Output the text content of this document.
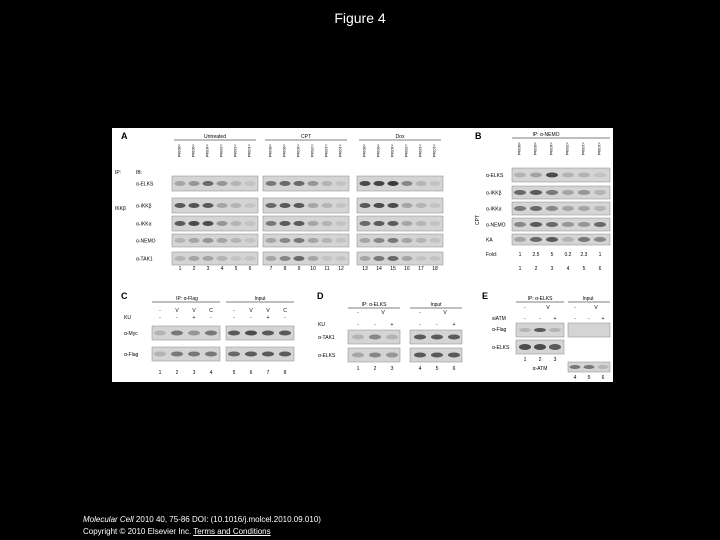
Figure 4
A
IP:
IKKβ
IB:
Untreated
>800kd >600kd >400kd >250kd >150kd >100kd
CPT
>800kd >600kd >400kd >250kd >150kd >100kd
Dox
>800kd >600kd >400kd >250kd >150kd >100kd
α-ELKS
α-IKKβ
α-IKKα
α-NEMO
α-TAK1
1 2 3 4 5 6	7 8 9 10 11 12	13 14 15 16 17 18
B	IP: α-NEMO
>800kd	>600kd	>400kd	>250kd	>150kd	>100kd
CPT
α-ELKS
α-IKKβ
α-IKKα
α-NEMO
KA
Fold:	1 2.5 5 0.2 2.3 1
1	2	3	4	5	6
C	IP: α-Flag	Input
KU
-	V	V	C	-	V	V	C
-	-	+	-	-	-	+	-
α-Myc
α-Flag
1	2	3	4	5	6	7	8
D
IP: α-ELKS	Input
-	V	-	V
KU	-	-	+	-	-	+
α-TAK1
α-ELKS
1	2	3	4	5	6
E	IP: α-ELKS	Input
-	V	-	V
siATM	-	-	+	- - +
α-Flag
α-ELKS
1 2 3
α-ATM
4 5 6
Molecular Cell 2010 40, 75-86 DOI: (10.1016/j.molcel.2010.09.010)
Copyright © 2010 Elsevier Inc. Terms and Conditions
